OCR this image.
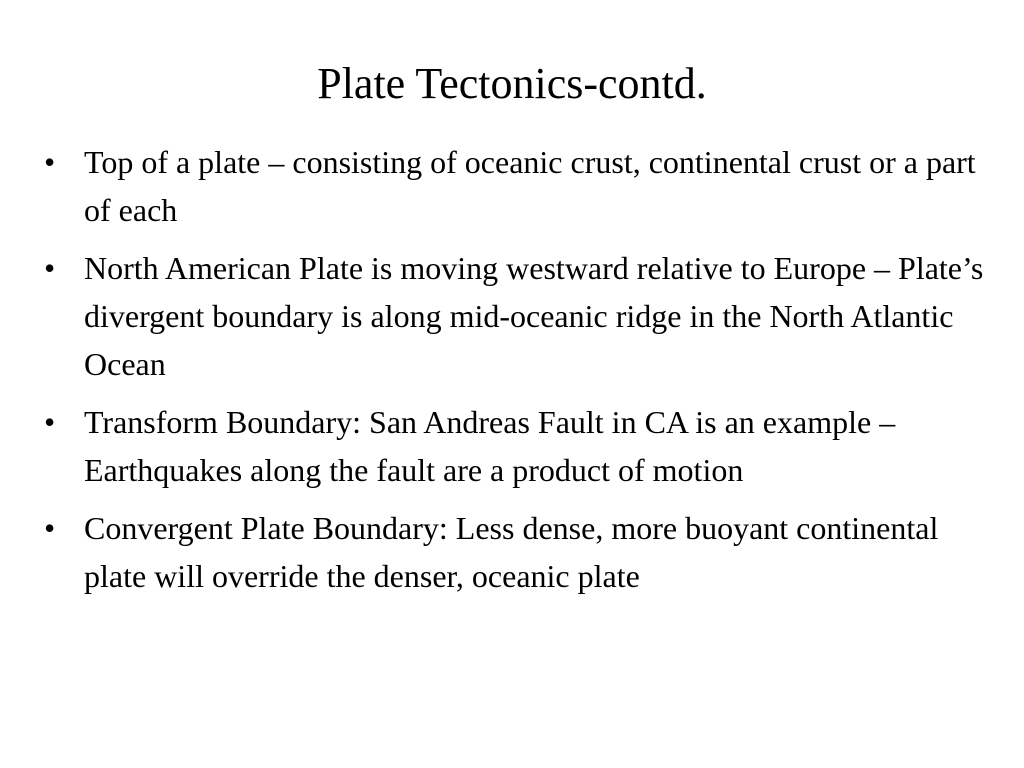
Plate Tectonics-contd.
• Top of a plate – consisting of oceanic crust, continental crust or a part of each
• North American Plate is moving westward relative to Europe – Plate’s divergent boundary is along mid-oceanic ridge in the North Atlantic Ocean
• Transform Boundary: San Andreas Fault in CA is an example – Earthquakes along the fault are a product of motion
• Convergent Plate Boundary: Less dense, more buoyant continental plate will override the denser, oceanic plate
